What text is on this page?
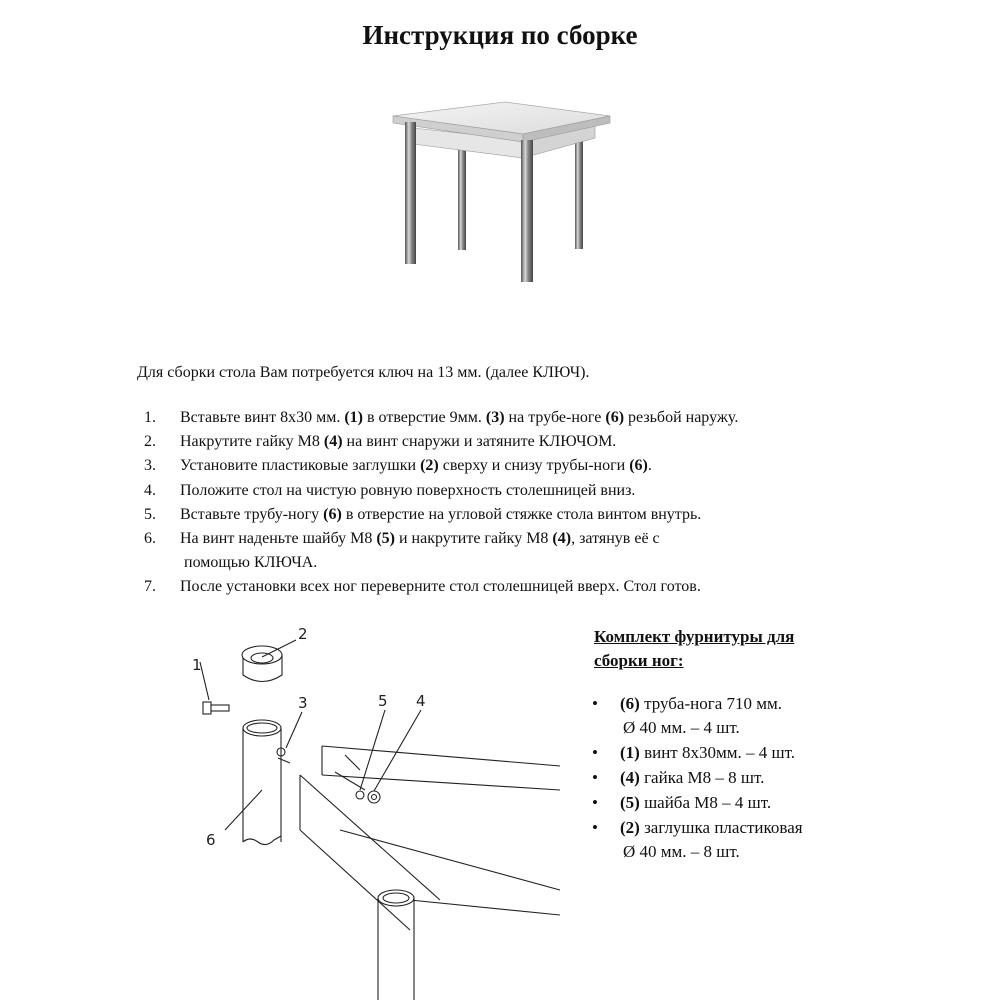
Инструкция по сборке
Для сборки стола Вам потребуется ключ на 13 мм. (далее КЛЮЧ).
1. Вставьте винт 8х30 мм. (1) в отверстие 9мм. (3) на трубе-ноге (6) резьбой наружу.
2. Накрутите гайку М8 (4) на винт снаружи и затяните КЛЮЧОМ.
3. Установите пластиковые заглушки (2) сверху и снизу трубы-ноги (6).
4. Положите стол на чистую ровную поверхность столешницей вниз.
5. Вставьте трубу-ногу (6) в отверстие на угловой стяжке стола винтом внутрь.
6. На винт наденьте шайбу М8 (5) и накрутите гайку М8 (4), затянув её с
помощью КЛЮЧА.
7. После установки всех ног переверните стол столешницей вверх. Стол готов.
Комплект фурнитуры для
сборки ног:
• (6) труба-нога 710 мм.
Ø 40 мм. – 4 шт.
• (1) винт 8х30мм. – 4 шт.
• (4) гайка М8 – 8 шт.
• (5) шайба М8 – 4 шт.
• (2) заглушка пластиковая
Ø 40 мм. – 8 шт.
2
1
3
6
5 4
